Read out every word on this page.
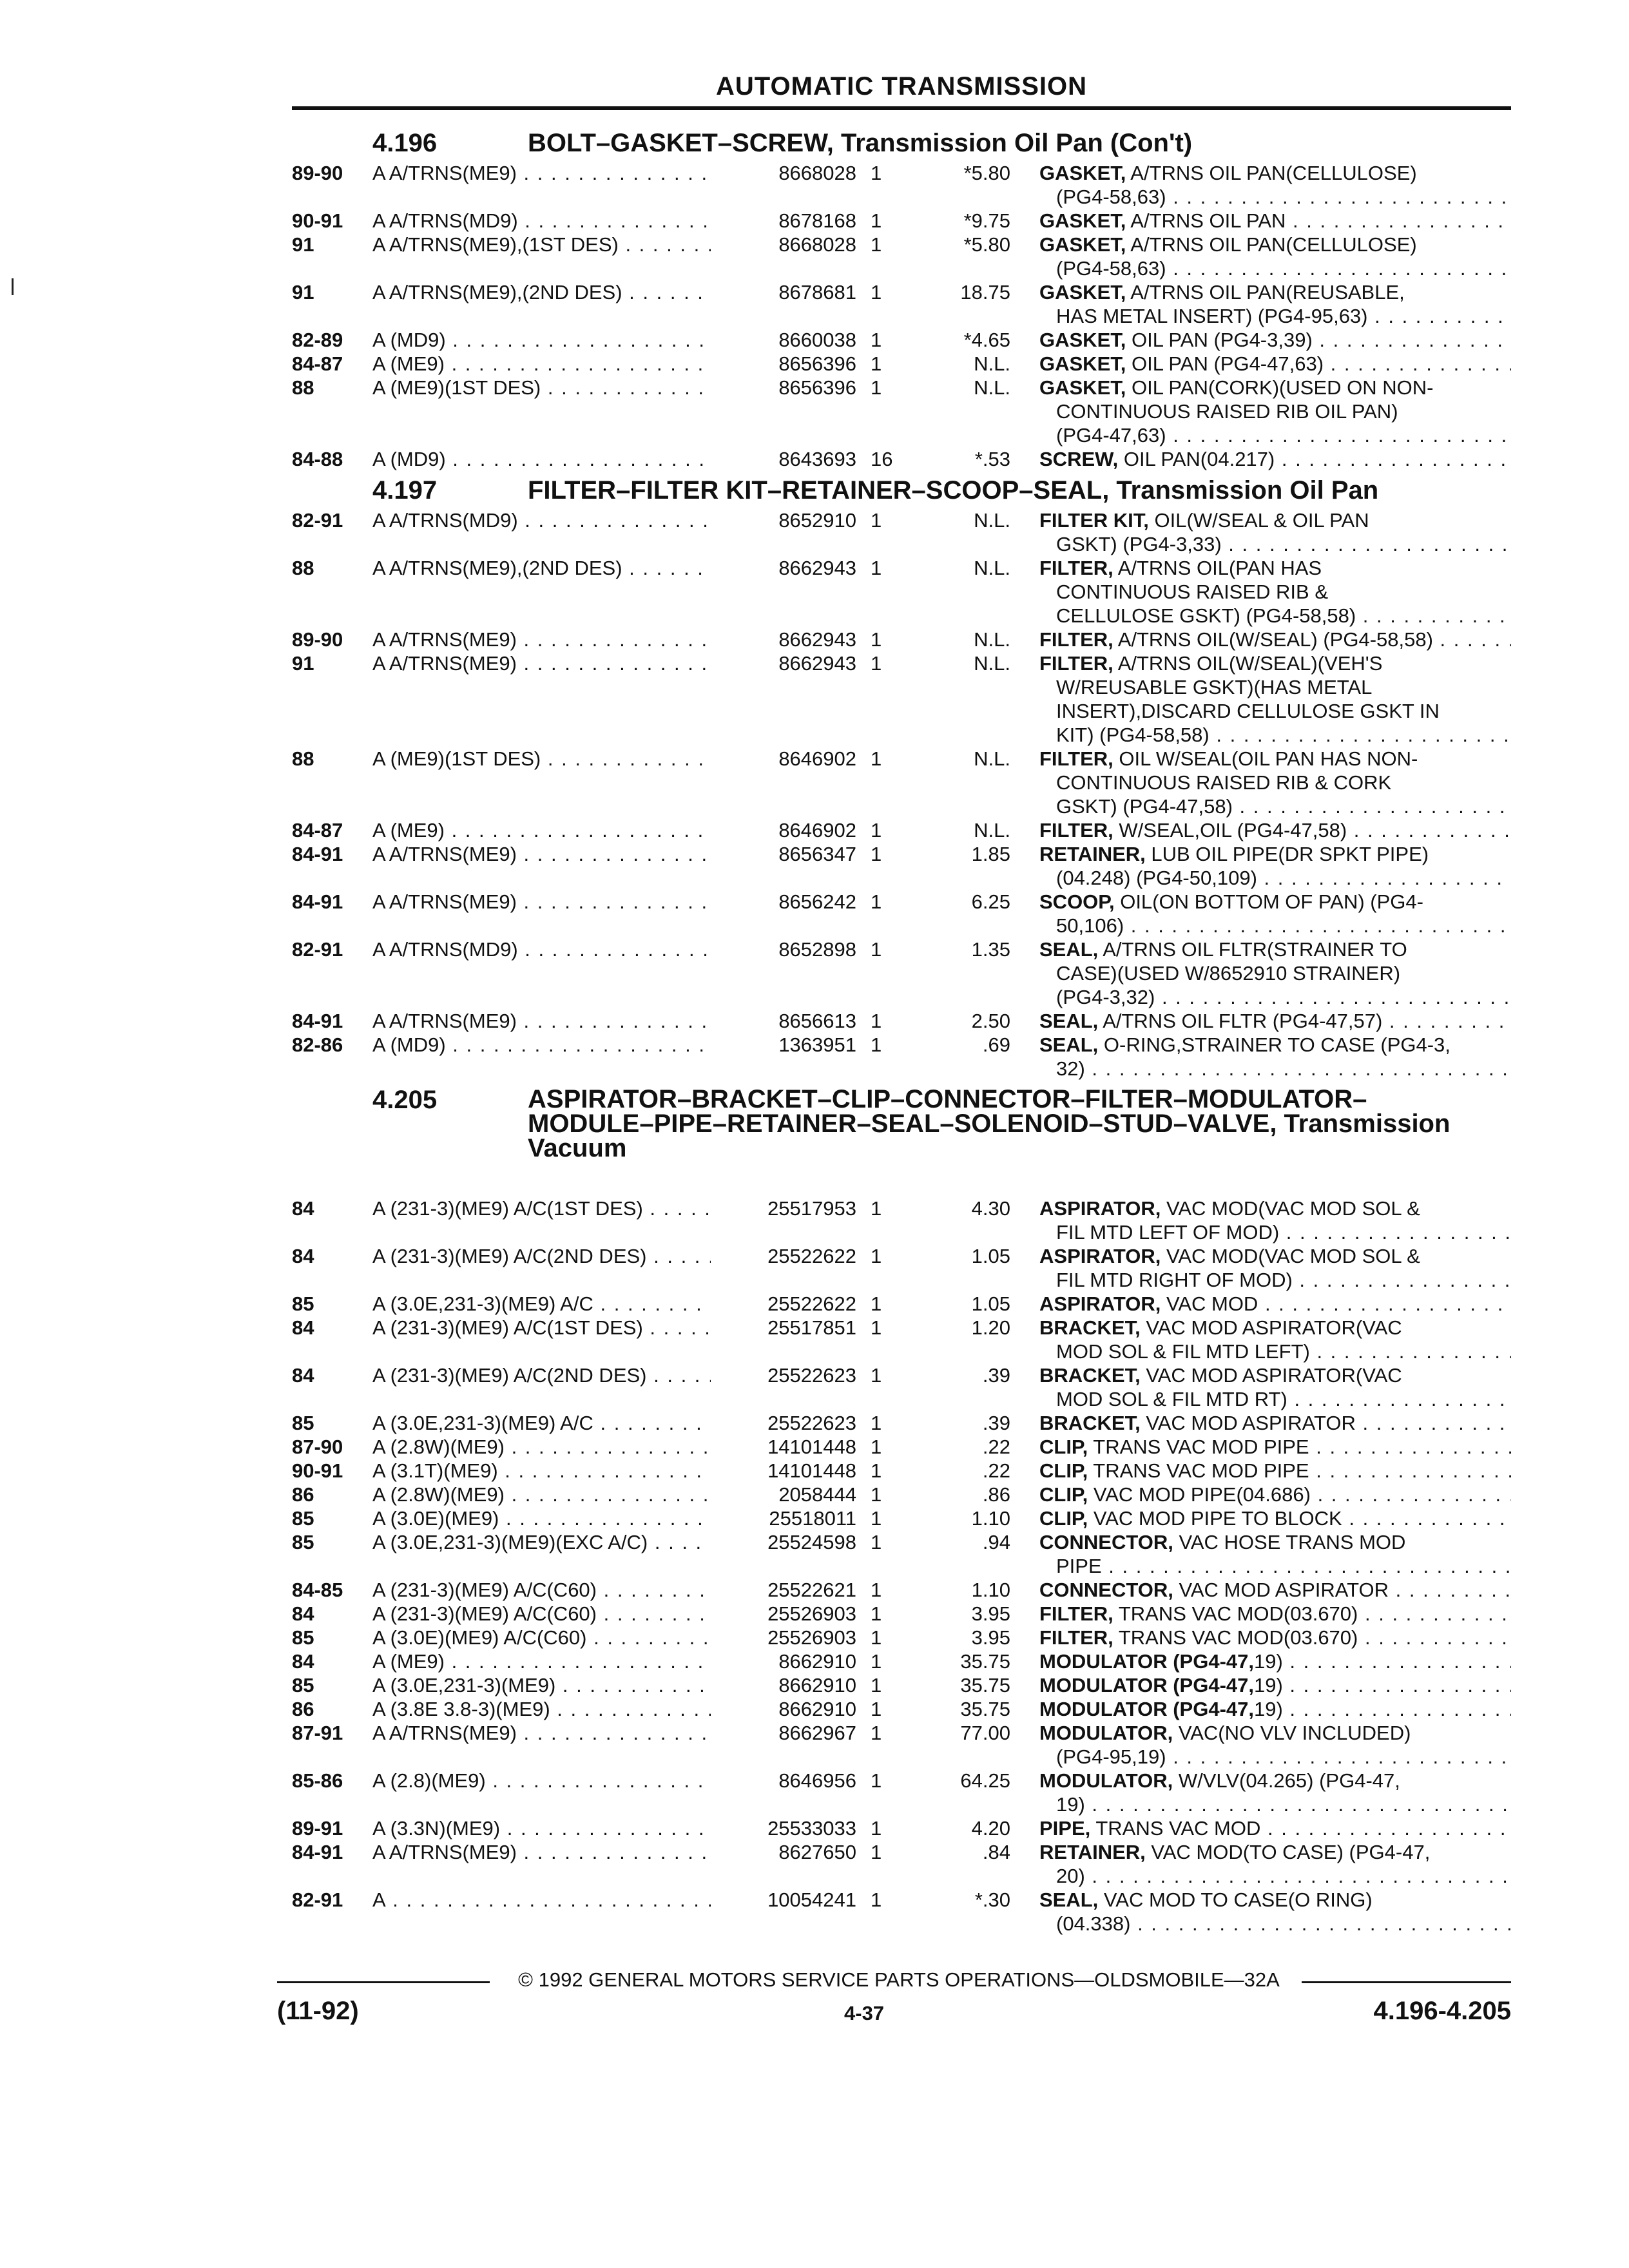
AUTOMATIC TRANSMISSION
4.196	BOLT–GASKET–SCREW, Transmission Oil Pan (Con't)
89-90	A A/TRNS(ME9) . . .	8668028 1	*5.80 GASKET, A/TRNS OIL PAN(CELLULOSE)
(PG4-58,63) . . .
90-91	A A/TRNS(MD9) . . .	8678168 1	*9.75 GASKET, A/TRNS OIL PAN . . .
91	A A/TRNS(ME9),(1ST DES) . . .	8668028 1	*5.80 GASKET, A/TRNS OIL PAN(CELLULOSE)
(PG4-58,63) . . .
91	A A/TRNS(ME9),(2ND DES) . . .	8678681 1	18.75 GASKET, A/TRNS OIL PAN(REUSABLE,
HAS METAL INSERT) (PG4-95,63) . . .
82-89	A (MD9) . . .	8660038 1	*4.65 GASKET, OIL PAN (PG4-3,39) . . .
84-87	A (ME9) . . .	8656396 1	N.L. GASKET, OIL PAN (PG4-47,63) . . .
88	A (ME9)(1ST DES) . . .	8656396 1	N.L. GASKET, OIL PAN(CORK)(USED ON NON-
CONTINUOUS RAISED RIB OIL PAN)
(PG4-47,63) . . .
84-88	A (MD9) . . .	8643693 16	*.53 SCREW, OIL PAN(04.217) . . .
4.197	FILTER–FILTER KIT–RETAINER–SCOOP–SEAL, Transmission Oil Pan
82-91	A A/TRNS(MD9) . . .	8652910 1	N.L. FILTER KIT, OIL(W/SEAL & OIL PAN
GSKT) (PG4-3,33) . . .
88	A A/TRNS(ME9),(2ND DES) . . .	8662943 1	N.L. FILTER, A/TRNS OIL(PAN HAS
CONTINUOUS RAISED RIB &
CELLULOSE GSKT) (PG4-58,58) . . .
89-90	A A/TRNS(ME9) . . .	8662943 1	N.L. FILTER, A/TRNS OIL(W/SEAL) (PG4-58,58) . . .
91	A A/TRNS(ME9) . . .	8662943 1	N.L. FILTER, A/TRNS OIL(W/SEAL)(VEH'S
W/REUSABLE GSKT)(HAS METAL
INSERT),DISCARD CELLULOSE GSKT IN
KIT) (PG4-58,58) . . .
88	A (ME9)(1ST DES) . . .	8646902 1	N.L. FILTER, OIL W/SEAL(OIL PAN HAS NON-
CONTINUOUS RAISED RIB & CORK
GSKT) (PG4-47,58) . . .
84-87	A (ME9) . . .	8646902 1	N.L. FILTER, W/SEAL,OIL (PG4-47,58) . . .
84-91	A A/TRNS(ME9) . . .	8656347 1	1.85 RETAINER, LUB OIL PIPE(DR SPKT PIPE)
(04.248) (PG4-50,109) . . .
84-91	A A/TRNS(ME9) . . .	8656242 1	6.25 SCOOP, OIL(ON BOTTOM OF PAN) (PG4-
50,106) . . .
82-91	A A/TRNS(MD9) . . .	8652898 1	1.35 SEAL, A/TRNS OIL FLTR(STRAINER TO
CASE)(USED W/8652910 STRAINER)
(PG4-3,32) . . .
84-91	A A/TRNS(ME9) . . .	8656613 1	2.50 SEAL, A/TRNS OIL FLTR (PG4-47,57) . . .
82-86	A (MD9) . . .	1363951 1	.69 SEAL, O-RING,STRAINER TO CASE (PG4-3,
32) . . .
4.205	ASPIRATOR–BRACKET–CLIP–CONNECTOR–FILTER–MODULATOR– MODULE–PIPE–RETAINER–SEAL–SOLENOID–STUD–VALVE, Transmission Vacuum
84	A (231-3)(ME9) A/C(1ST DES) . . .	25517953 1	4.30 ASPIRATOR, VAC MOD(VAC MOD SOL &
FIL MTD LEFT OF MOD) . . .
84	A (231-3)(ME9) A/C(2ND DES) . . .	25522622 1	1.05 ASPIRATOR, VAC MOD(VAC MOD SOL &
FIL MTD RIGHT OF MOD) . . .
85	A (3.0E,231-3)(ME9) A/C . . .	25522622 1	1.05 ASPIRATOR, VAC MOD . . .
84	A (231-3)(ME9) A/C(1ST DES) . . .	25517851 1	1.20 BRACKET, VAC MOD ASPIRATOR(VAC
MOD SOL & FIL MTD LEFT) . . .
84	A (231-3)(ME9) A/C(2ND DES) . . .	25522623 1	.39 BRACKET, VAC MOD ASPIRATOR(VAC
MOD SOL & FIL MTD RT) . . .
85	A (3.0E,231-3)(ME9) A/C . . .	25522623 1	.39 BRACKET, VAC MOD ASPIRATOR . . .
87-90	A (2.8W)(ME9) . . .	14101448 1	.22 CLIP, TRANS VAC MOD PIPE . . .
90-91	A (3.1T)(ME9) . . .	14101448 1	.22 CLIP, TRANS VAC MOD PIPE . . .
86	A (2.8W)(ME9) . . .	2058444 1	.86 CLIP, VAC MOD PIPE(04.686) . . .
85	A (3.0E)(ME9) . . .	25518011 1	1.10 CLIP, VAC MOD PIPE TO BLOCK . . .
85	A (3.0E,231-3)(ME9)(EXC A/C) . . .	25524598 1	.94 CONNECTOR, VAC HOSE TRANS MOD
PIPE . . .
84-85	A (231-3)(ME9) A/C(C60) . . .	25522621 1	1.10 CONNECTOR, VAC MOD ASPIRATOR . . .
84	A (231-3)(ME9) A/C(C60) . . .	25526903 1	3.95 FILTER, TRANS VAC MOD(03.670) . . .
85	A (3.0E)(ME9) A/C(C60) . . .	25526903 1	3.95 FILTER, TRANS VAC MOD(03.670) . . .
84	A (ME9) . . .	8662910 1	35.75 MODULATOR (PG4-47,19) . . .
85	A (3.0E,231-3)(ME9) . . .	8662910 1	35.75 MODULATOR (PG4-47,19) . . .
86	A (3.8E 3.8-3)(ME9) . . .	8662910 1	35.75 MODULATOR (PG4-47,19) . . .
87-91	A A/TRNS(ME9) . . .	8662967 1	77.00 MODULATOR, VAC(NO VLV INCLUDED)
(PG4-95,19) . . .
85-86	A (2.8)(ME9) . . .	8646956 1	64.25 MODULATOR, W/VLV(04.265) (PG4-47,
19) . . .
89-91	A (3.3N)(ME9) . . .	25533033 1	4.20 PIPE, TRANS VAC MOD . . .
84-91	A A/TRNS(ME9) . . .	8627650 1	.84 RETAINER, VAC MOD(TO CASE) (PG4-47,
20) . . .
82-91	A . . .	10054241 1	*.30 SEAL, VAC MOD TO CASE(O RING)
(04.338) . . .
© 1992 GENERAL MOTORS SERVICE PARTS OPERATIONS—OLDSMOBILE—32A
(11-92)	4-37	4.196-4.205
